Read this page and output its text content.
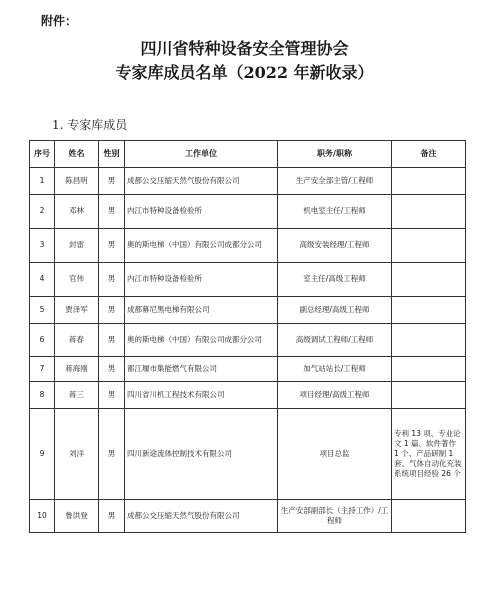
附件：
四川省特种设备安全管理协会
专家库成员名单（2022 年新收录）
1. 专家库成员
序号	姓名	性别	工作单位	职务/职称	备注
1	陈昌明	男	成都公交压缩天然气股份有限公司	生产安全部主管/工程师	
2	邓林	男	内江市特种设备检验所	机电室主任/工程师	
3	封雷	男	奥的斯电梯（中国）有限公司成都分公司	高级安装经理/工程师	
4	官伟	男	内江市特种设备检验所	室主任/高级工程师	
5	贾泽军	男	成都幕尼黑电梯有限公司	副总经理/高级工程师	
6	蒋春	男	奥的斯电梯（中国）有限公司成都分公司	高级调试工程师/工程师	
7	蒋海刚	男	都江堰市集能燃气有限公司	加气站站长/工程师	
8	蒋三	男	四川省川机工程技术有限公司	项目经理/高级工程师	
9	刘洋	男	四川新途流体控制技术有限公司	项目总监	专利 13 项、专业论文 1 篇、软件著作 1 个、产品研制 1 套、气体自动化充装系统项目经验 26 个
10	鲁洪登	男	成都公交压缩天然气股份有限公司	生产安部副部长（主持工作）/工程师	
